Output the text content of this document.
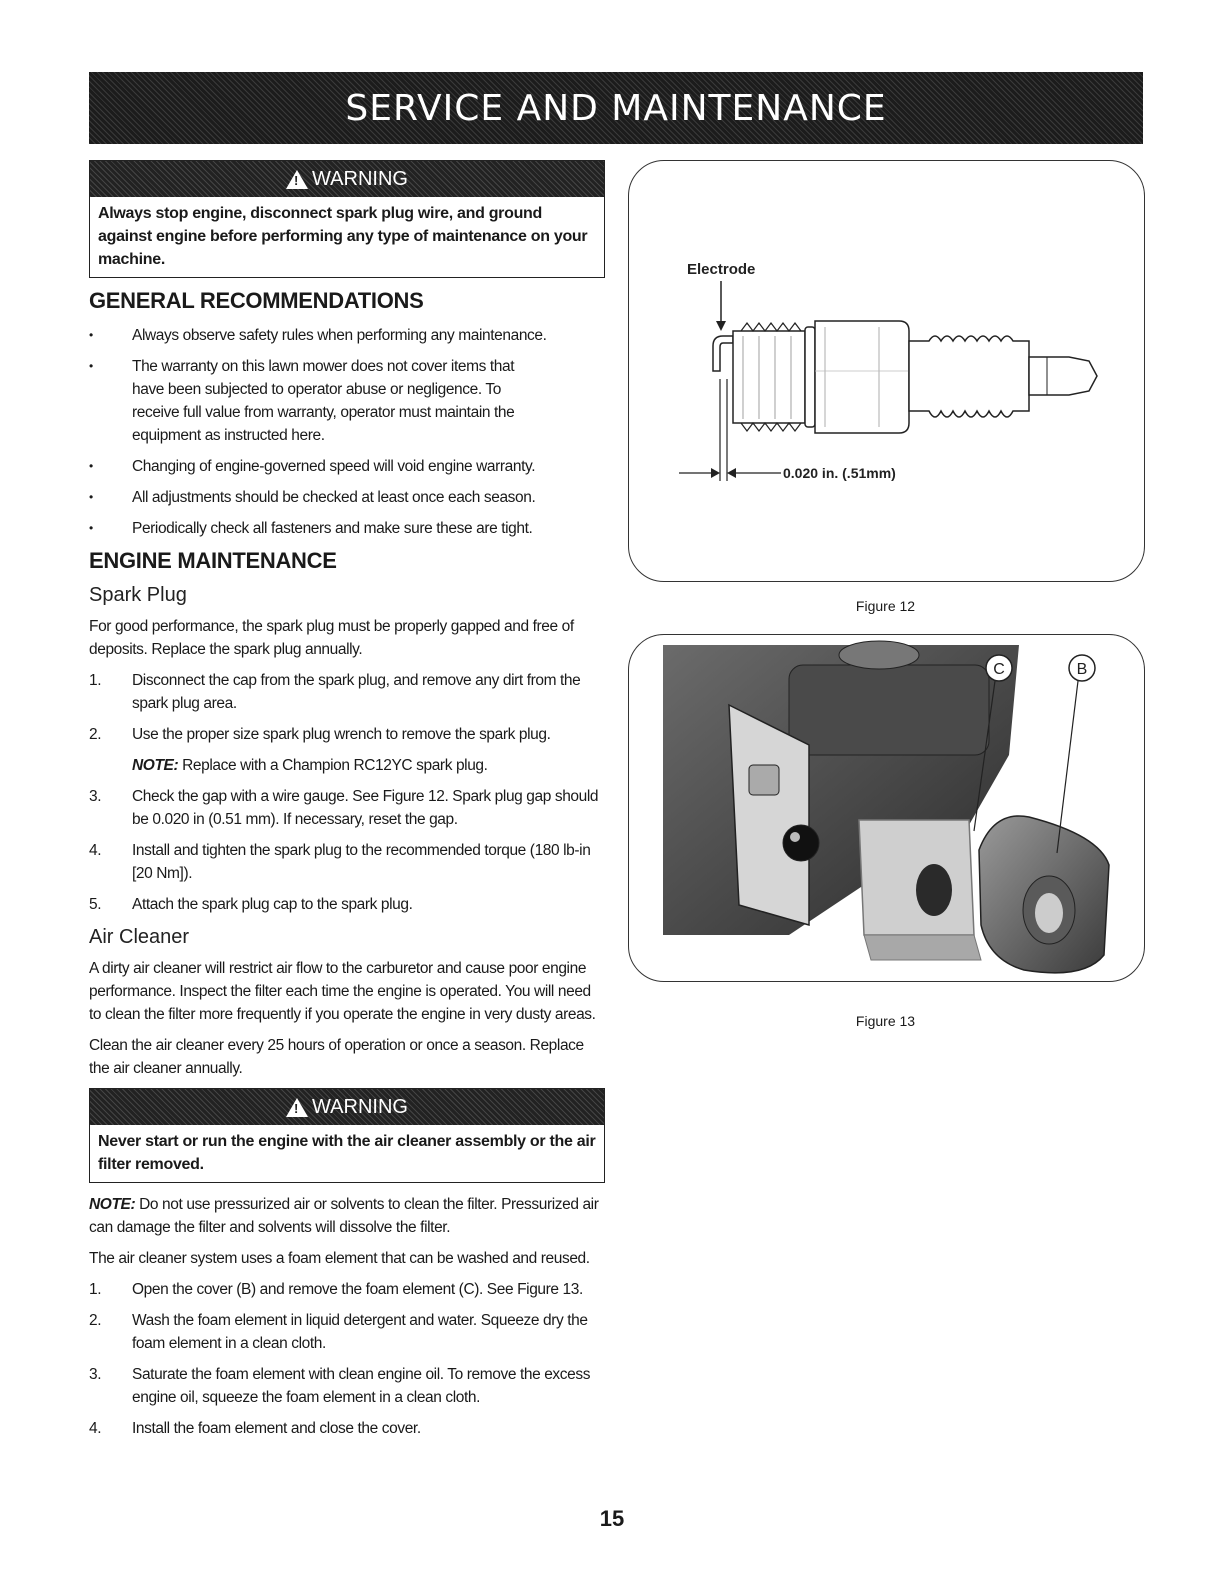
SERVICE AND MAINTENANCE
!
WARNING
Always stop engine, disconnect spark plug wire, and ground against engine before performing any type of maintenance on your machine.
GENERAL RECOMMENDATIONS
• Always observe safety rules when performing any maintenance.
• The warranty on this lawn mower does not cover items that have been subjected to operator abuse or negligence. To receive full value from warranty, operator must maintain the equipment as instructed here.
• Changing of engine-governed speed will void engine warranty.
• All adjustments should be checked at least once each season.
• Periodically check all fasteners and make sure these are tight.
ENGINE MAINTENANCE
Spark Plug

For good performance, the spark plug must be properly gapped and free of deposits. Replace the spark plug annually.

1. Disconnect the cap from the spark plug, and remove any dirt from the spark plug area.
2. Use the proper size spark plug wrench to remove the spark plug.
NOTE: Replace with a Champion RC12YC spark plug.
3. Check the gap with a wire gauge. See Figure 12. Spark plug gap should be 0.020 in (0.51 mm). If necessary, reset the gap.
4. Install and tighten the spark plug to the recommended torque (180 lb-in [20 Nm]).
5. Attach the spark plug cap to the spark plug.
Air Cleaner

A dirty air cleaner will restrict air flow to the carburetor and cause poor engine performance. Inspect the filter each time the engine is operated. You will need to clean the filter more frequently if you operate the engine in very dusty areas.

Clean the air cleaner every 25 hours of operation or once a season. Replace the air cleaner annually.

!
WARNING
Never start or run the engine with the air cleaner assembly or the air filter removed.

NOTE: Do not use pressurized air or solvents to clean the filter. Pressurized air can damage the filter and solvents will dissolve the filter.

The air cleaner system uses a foam element that can be washed and reused.

1. Open the cover (B) and remove the foam element (C). See Figure 13.
2. Wash the foam element in liquid detergent and water. Squeeze dry the foam element in a clean cloth.
3. Saturate the foam element with clean engine oil. To remove the excess engine oil, squeeze the foam element in a clean cloth.
4. Install the foam element and close the cover.
Electrode
0.020 in. (.51mm)
Figure 12
C	B
Figure 13
15
